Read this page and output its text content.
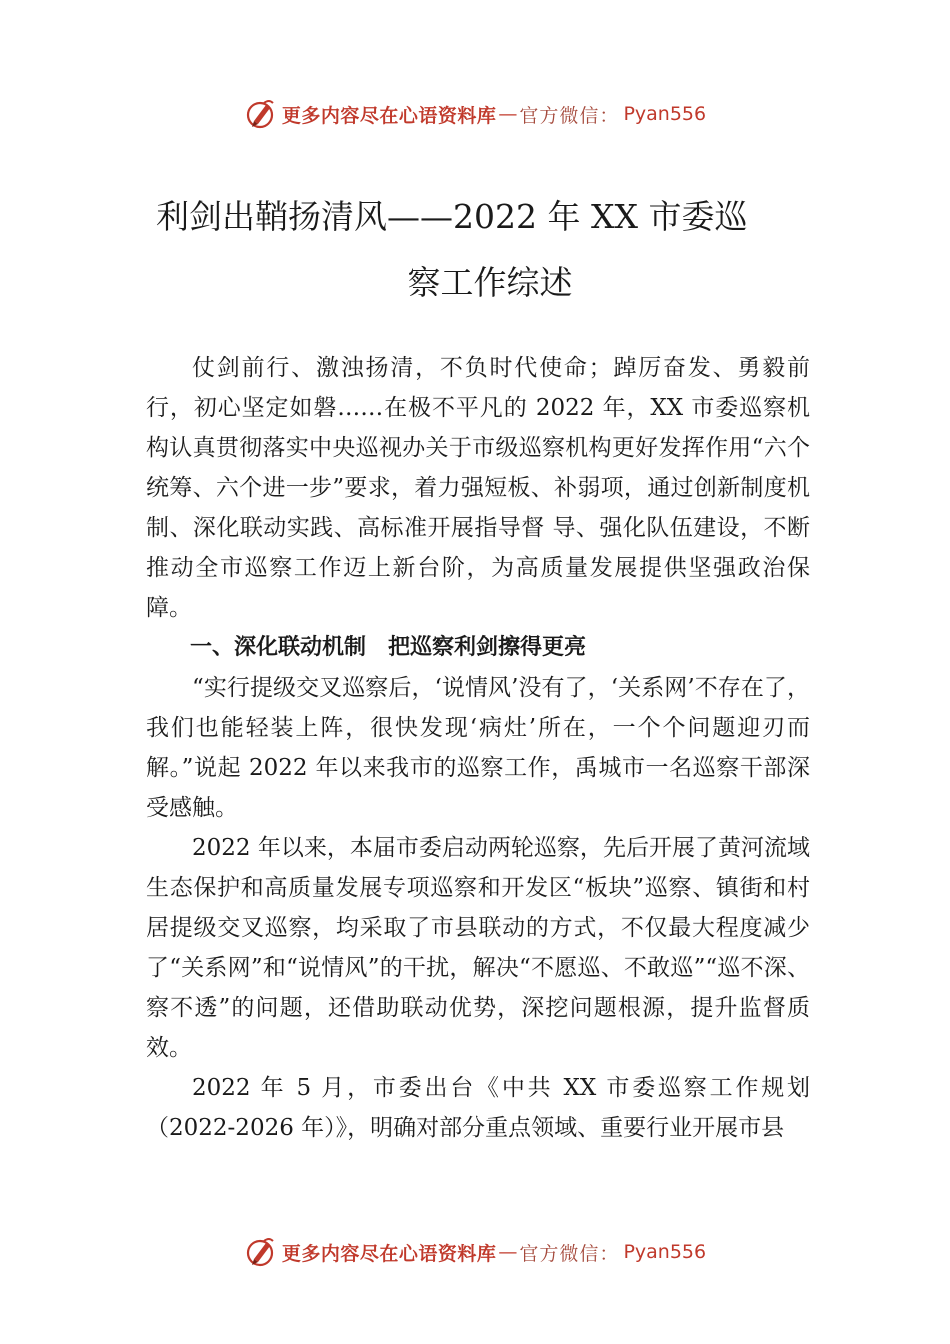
更多内容尽在心语资料库 — 官方微信： Pyan556
利剑出鞘扬清风——2022 年 XX 市委巡
察工作综述

仗剑前行、激浊扬清，不负时代使命；踔厉奋发、勇毅前行，初心坚定如磐……在极不平凡的 2022 年，XX 市委巡察机构认真贯彻落实中央巡视办关于市级巡察机构更好发挥作用“六个统筹、六个进一步”要求，着力强短板、补弱项，通过创新制度机制、深化联动实践、高标准开展指导督 导、强化队伍建设，不断推动全市巡察工作迈上新台阶，为高质量发展提供坚强政治保障。

一、深化联动机制　把巡察利剑擦得更亮

“实行提级交叉巡察后，‘说情风’没有了，‘关系网’不存在了，我们也能轻装上阵，很快发现‘病灶’所在，一个个问题迎刃而解。”说起 2022 年以来我市的巡察工作，禹城市一名巡察干部深受感触。

2022 年以来，本届市委启动两轮巡察，先后开展了黄河流域生态保护和高质量发展专项巡察和开发区“板块”巡察、镇街和村居提级交叉巡察，均采取了市县联动的方式，不仅最大程度减少了“关系网”和“说情风”的干扰，解决“不愿巡、不敢巡”“巡不深、察不透”的问题，还借助联动优势，深挖问题根源，提升监督质效。

2022 年 5 月，市委出台《中共 XX 市委巡察工作规划（2022-2026 年）》，明确对部分重点领域、重要行业开展市县

更多内容尽在心语资料库 — 官方微信： Pyan556
